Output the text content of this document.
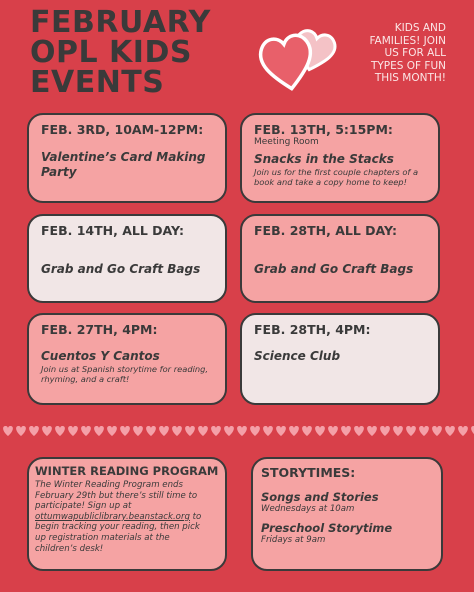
FEBRUARY
OPL KIDS
EVENTS
KIDS AND
FAMILIES! JOIN
US FOR ALL
TYPES OF FUN
THIS MONTH!
FEB. 3RD, 10AM-12PM:
Valentine’s Card Making
Party
FEB. 13TH, 5:15PM:
Meeting Room
Snacks in the Stacks
Join us for the first couple chapters of a
book and take a copy home to keep!
FEB. 14TH, ALL DAY:
Grab and Go Craft Bags
FEB. 28TH, ALL DAY:
Grab and Go Craft Bags
FEB. 27TH, 4PM:
Cuentos Y Cantos
Join us at Spanish storytime for reading,
rhyming, and a craft!
FEB. 28TH, 4PM:
Science Club
WINTER READING PROGRAM
The Winter Reading Program ends
February 29th but there’s still time to
participate! Sign up at
ottumwapubliclibrary.beanstack.org to
begin tracking your reading, then pick
up registration materials at the
children’s desk!
STORYTIMES:
Songs and Stories
Wednesdays at 10am
Preschool Storytime
Fridays at 9am
